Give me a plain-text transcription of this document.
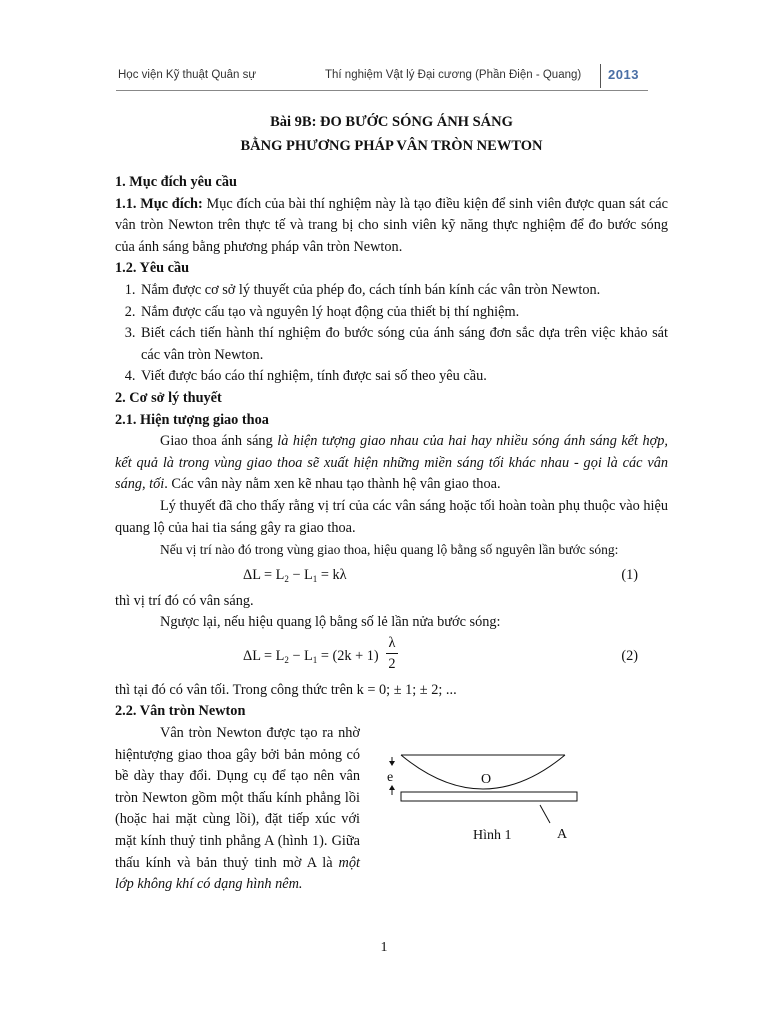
Học viện Kỹ thuật Quân sự	Thí nghiệm Vật lý Đại cương (Phần Điện - Quang) 2013
Bài 9B: ĐO BƯỚC SÓNG ÁNH SÁNG
BẰNG PHƯƠNG PHÁP VÂN TRÒN NEWTON
1. Mục đích yêu cầu

1.1. Mục đích: Mục đích của bài thí nghiệm này là tạo điều kiện để sinh viên được quan sát các vân tròn Newton trên thực tế và trang bị cho sinh viên kỹ năng thực nghiệm để đo bước sóng của ánh sáng bằng phương pháp vân tròn Newton.

1.2. Yêu cầu
1. Nắm được cơ sở lý thuyết của phép đo, cách tính bán kính các vân tròn Newton.
2. Nắm được cấu tạo và nguyên lý hoạt động của thiết bị thí nghiệm.
3. Biết cách tiến hành thí nghiệm đo bước sóng của ánh sáng đơn sắc dựa trên việc khảo sát các vân tròn Newton.
4. Viết được báo cáo thí nghiệm, tính được sai số theo yêu cầu.
2. Cơ sở lý thuyết
2.1. Hiện tượng giao thoa

Giao thoa ánh sáng là hiện tượng giao nhau của hai hay nhiều sóng ánh sáng kết hợp, kết quả là trong vùng giao thoa sẽ xuất hiện những miền sáng tối khác nhau - gọi là các vân sáng, tối. Các vân này nằm xen kẽ nhau tạo thành hệ vân giao thoa.

Lý thuyết đã cho thấy rằng vị trí của các vân sáng hoặc tối hoàn toàn phụ thuộc vào hiệu quang lộ của hai tia sáng gây ra giao thoa.

Nếu vị trí nào đó trong vùng giao thoa, hiệu quang lộ bằng số nguyên lần bước sóng:

$\Delta L = L_2 - L_1 = k\lambda$	(1)

thì vị trí đó có vân sáng.

Ngược lại, nếu hiệu quang lộ bằng số lẻ lần nửa bước sóng:

$\Delta L = L_2 - L_1 = (2k + 1)$
λ
2	(2)

thì tại đó có vân tối. Trong công thức trên k = 0; ± 1; ± 2; ...

2.2. Vân tròn Newton

Vân tròn Newton được tạo ra nhờ hiệntượng giao thoa gây bởi bản mỏng có bề dày thay đổi. Dụng cụ để tạo nên vân tròn Newton gồm một thấu kính phẳng lồi (hoặc hai mặt cùng lồi), đặt tiếp xúc với mặt kính thuỷ tinh phẳng A (hình 1). Giữa thấu kính và bản thuỷ tinh mờ A là một lớp không khí có dạng hình nêm.

e	O
Hình 1	A
1
